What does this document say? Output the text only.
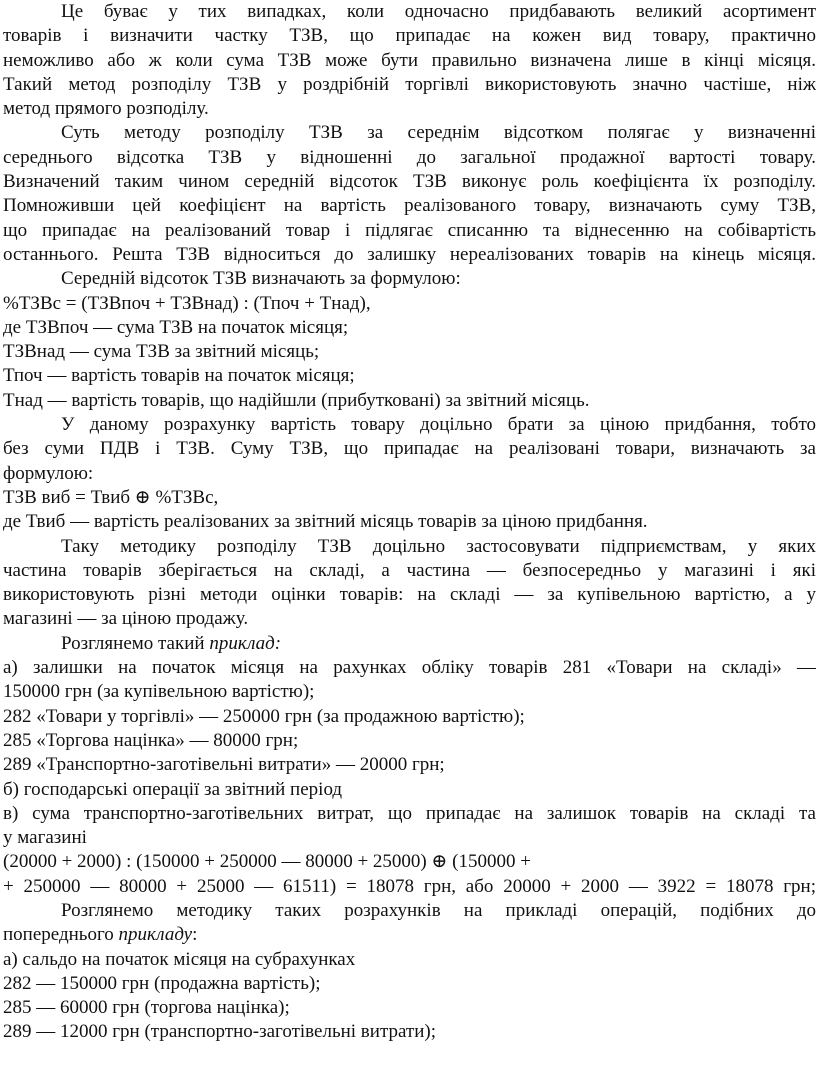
Це буває у тих випадках, коли одночасно придбавають великий асортимент
товарів і визначити частку ТЗВ, що припадає на кожен вид товару, практично
неможливо або ж коли сума ТЗВ може бути правильно визначена лише в кінці місяця.
Такий метод розподілу ТЗВ у роздрібній торгівлі використовують значно частіше, ніж
метод прямого розподілу.
Суть методу розподілу ТЗВ за середнім відсотком полягає у визначенні
середнього відсотка ТЗВ у відношенні до загальної продажної вартості товару.
Визначений таким чином середній відсоток ТЗВ виконує роль коефіцієнта їх розподілу.
Помноживши цей коефіцієнт на вартість реалізованого товару, визначають суму ТЗВ,
що припадає на реалізований товар і підлягає списанню та віднесенню на собівартість
останнього. Решта ТЗВ відноситься до залишку нереалізованих товарів на кінець місяця.
Середній відсоток ТЗВ визначають за формулою:
%ТЗВс = (ТЗВпоч + ТЗВнад) : (Тпоч + Тнад),
де ТЗВпоч — сума ТЗВ на початок місяця;
ТЗВнад — сума ТЗВ за звітний місяць;
Тпоч — вартість товарів на початок місяця;
Тнад — вартість товарів, що надійшли (прибутковані) за звітний місяць.
У даному розрахунку вартість товару доцільно брати за ціною придбання, тобто
без суми ПДВ і ТЗВ. Суму ТЗВ, що припадає на реалізовані товари, визначають за
формулою:
ТЗВ виб = Твиб ⊕ %ТЗВс,
де Твиб — вартість реалізованих за звітний місяць товарів за ціною придбання.
Таку методику розподілу ТЗВ доцільно застосовувати підприємствам, у яких
частина товарів зберігається на складі, а частина — безпосередньо у магазині і які
використовують різні методи оцінки товарів: на складі — за купівельною вартістю, а у
магазині — за ціною продажу.
Розглянемо такий приклад:
а) залишки на початок місяця на рахунках обліку товарів 281 «Товари на складі» —
150000 грн (за купівельною вартістю);
282 «Товари у торгівлі» — 250000 грн (за продажною вартістю);
285 «Торгова націнка» — 80000 грн;
289 «Транспортно-заготівельні витрати» — 20000 грн;
б) господарські операції за звітний період
в) сума транспортно-заготівельних витрат, що припадає на залишок товарів на складі та
у магазині
(20000 + 2000) : (150000 + 250000 — 80000 + 25000) ⊕ (150000 +
+ 250000 — 80000 + 25000 — 61511) = 18078 грн, або 20000 + 2000 — 3922 = 18078 грн;
Розглянемо методику таких розрахунків на прикладі операцій, подібних до
попереднього прикладу:
а) сальдо на початок місяця на субрахунках
282 — 150000 грн (продажна вартість);
285 — 60000 грн (торгова націнка);
289 — 12000 грн (транспортно-заготівельні витрати);
